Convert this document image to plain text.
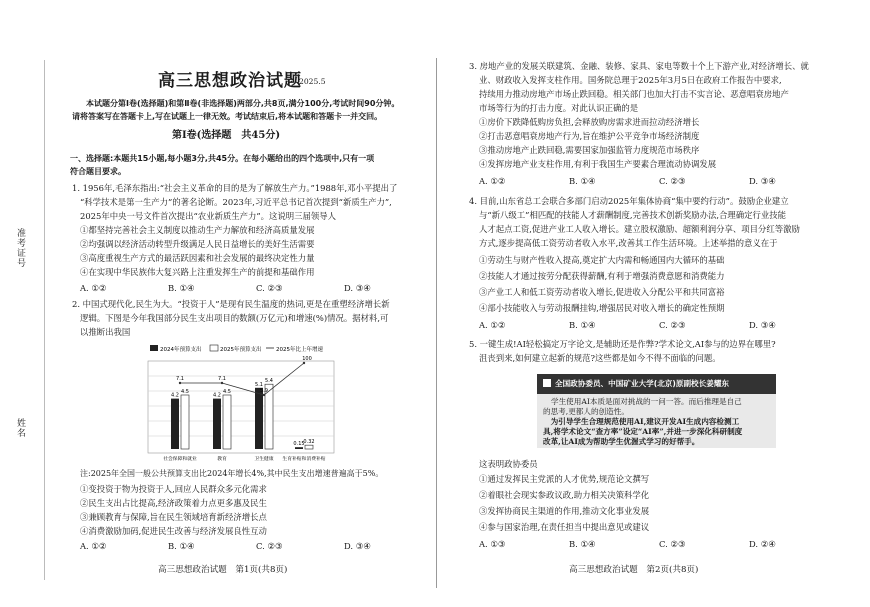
准考证号
姓名
高三思想政治试题
2025.5
本试题分第Ⅰ卷(选择题)和第Ⅱ卷(非选择题)两部分,共8页,满分100分,考试时间90分钟。
请将答案写在答题卡上,写在试题上一律无效。考试结束后,将本试题和答题卡一并交回。
第Ⅰ卷(选择题　共45分)
一、选择题:本题共15小题,每小题3分,共45分。在每小题给出的四个选项中,只有一项
符合题目要求。
1. 1956年,毛泽东指出:“社会主义革命的目的是为了解放生产力。”1988年,邓小平提出了
“科学技术是第一生产力”的著名论断。2023年,习近平总书记首次提到“新质生产力”,
2025年中央一号文件首次提出“农业新质生产力”。这说明三届领导人
①都坚持完善社会主义制度以推动生产力解放和经济高质量发展
②均强调以经济活动转型升级满足人民日益增长的美好生活需要
③高度重视生产方式的最活跃因素和社会发展的最终决定性力量
④在实现中华民族伟大复兴路上注重发挥生产的前提和基础作用
A. ①②	B. ①④	C. ②③	D. ③④
2. 中国式现代化,民生为大。“投资于人”是现有民生温度的热词,更是在重塑经济增长新
逻辑。下图是今年我国部分民生支出项目的数额(万亿元)和增速(%)情况。据材料,可
以推断出我国
2024年预算支出	2025年预算支出	2025年比上年增速
4.2
4.5
社会保障和就业
4.2
4.5
教育
5.1
5.4
卫生健康
0.15
0.32
生育补贴和消费补贴
7.1	7.1
5.9
100
注:2025年全国一般公共预算支出比2024年增长4%,其中民生支出增速普遍高于5%。
①变投资于物为投资于人,回应人民群众多元化需求
②民生支出占比提高,经济政策着力点更多惠及民生
③兼顾教育与保障,旨在民生领域培育新经济增长点
④消费激励加码,促进民生改善与经济发展良性互动
A. ①②	B. ①④	C. ②③	D. ③④
高三思想政治试题　第1页(共8页)
3. 房地产业的发展关联建筑、金融、装修、家具、家电等数十个上下游产业,对经济增长、就
业、财政收入发挥支柱作用。国务院总理于2025年3月5日在政府工作报告中要求,
持续用力推动房地产市场止跌回稳。相关部门也加大打击不实言论、恶意唱衰房地产
市场等行为的打击力度。对此认识正确的是
①房价下跌降低购房负担,会释放购房需求进而拉动经济增长
②打击恶意唱衰房地产行为,旨在维护公平竞争市场经济制度
③推动房地产止跌回稳,需要国家加强监管力度规范市场秩序
④发挥房地产业支柱作用,有利于我国生产要素合理流动协调发展
A. ①②	B. ①④	C. ②③	D. ③④
4. 目前,山东省总工会联合多部门启动2025年集体协商“集中要约行动”。鼓励企业建立
与“新八级工”相匹配的技能人才薪酬制度,完善技术创新奖励办法,合理确定行业技能
人才起点工资,促进产业工人收入增长。建立股权激励、超额利润分享、项目分红等激励
方式,逐步提高低工资劳动者收入水平,改善其工作生活环境。上述举措的意义在于
①劳动生与财产性收入提高,奠定扩大内需和畅通国内大循环的基础
②技能人才通过按劳分配获得薪酬,有利于增强消费意愿和消费能力
③产业工人和低工资劳动者收入增长,促进收入分配公平和共同富裕
④部小技能收入与劳动报酬挂钩,增强居民对收入增长的确定性预期
A. ①②	B. ①④	C. ②③	D. ③④
5. 一键生成!AI轻松搞定万字论文,是辅助还是作弊?学术论文,AI参与的边界在哪里?
沮丧到来,如何建立起新的规范?这些都是如今不得不面临的问题。
这表明政协委员
①通过发挥民主党派的人才优势,规范论文撰写
②着眼社会现实参政议政,助力相关决策科学化
③发挥协商民主渠道的作用,推动文化事业发展
④参与国家治理,在责任担当中提出意见或建议
A. ①③	B. ①④	C. ②③	D. ②④
高三思想政治试题　第2页(共8页)
全国政协委员、中国矿业大学(北京)原副校长姜耀东
学生使用AI本质是面对挑战的一问一答。而后推理是自己
的思考,更都人的创造性。
　为引导学生合理规范使用AI,建议开发AI生成内容检测工
具,将学术论文“查方率”设定“AI率”,并进一步深化科研制度
改革,让AI成为帮助学生优渥式学习的好帮手。
